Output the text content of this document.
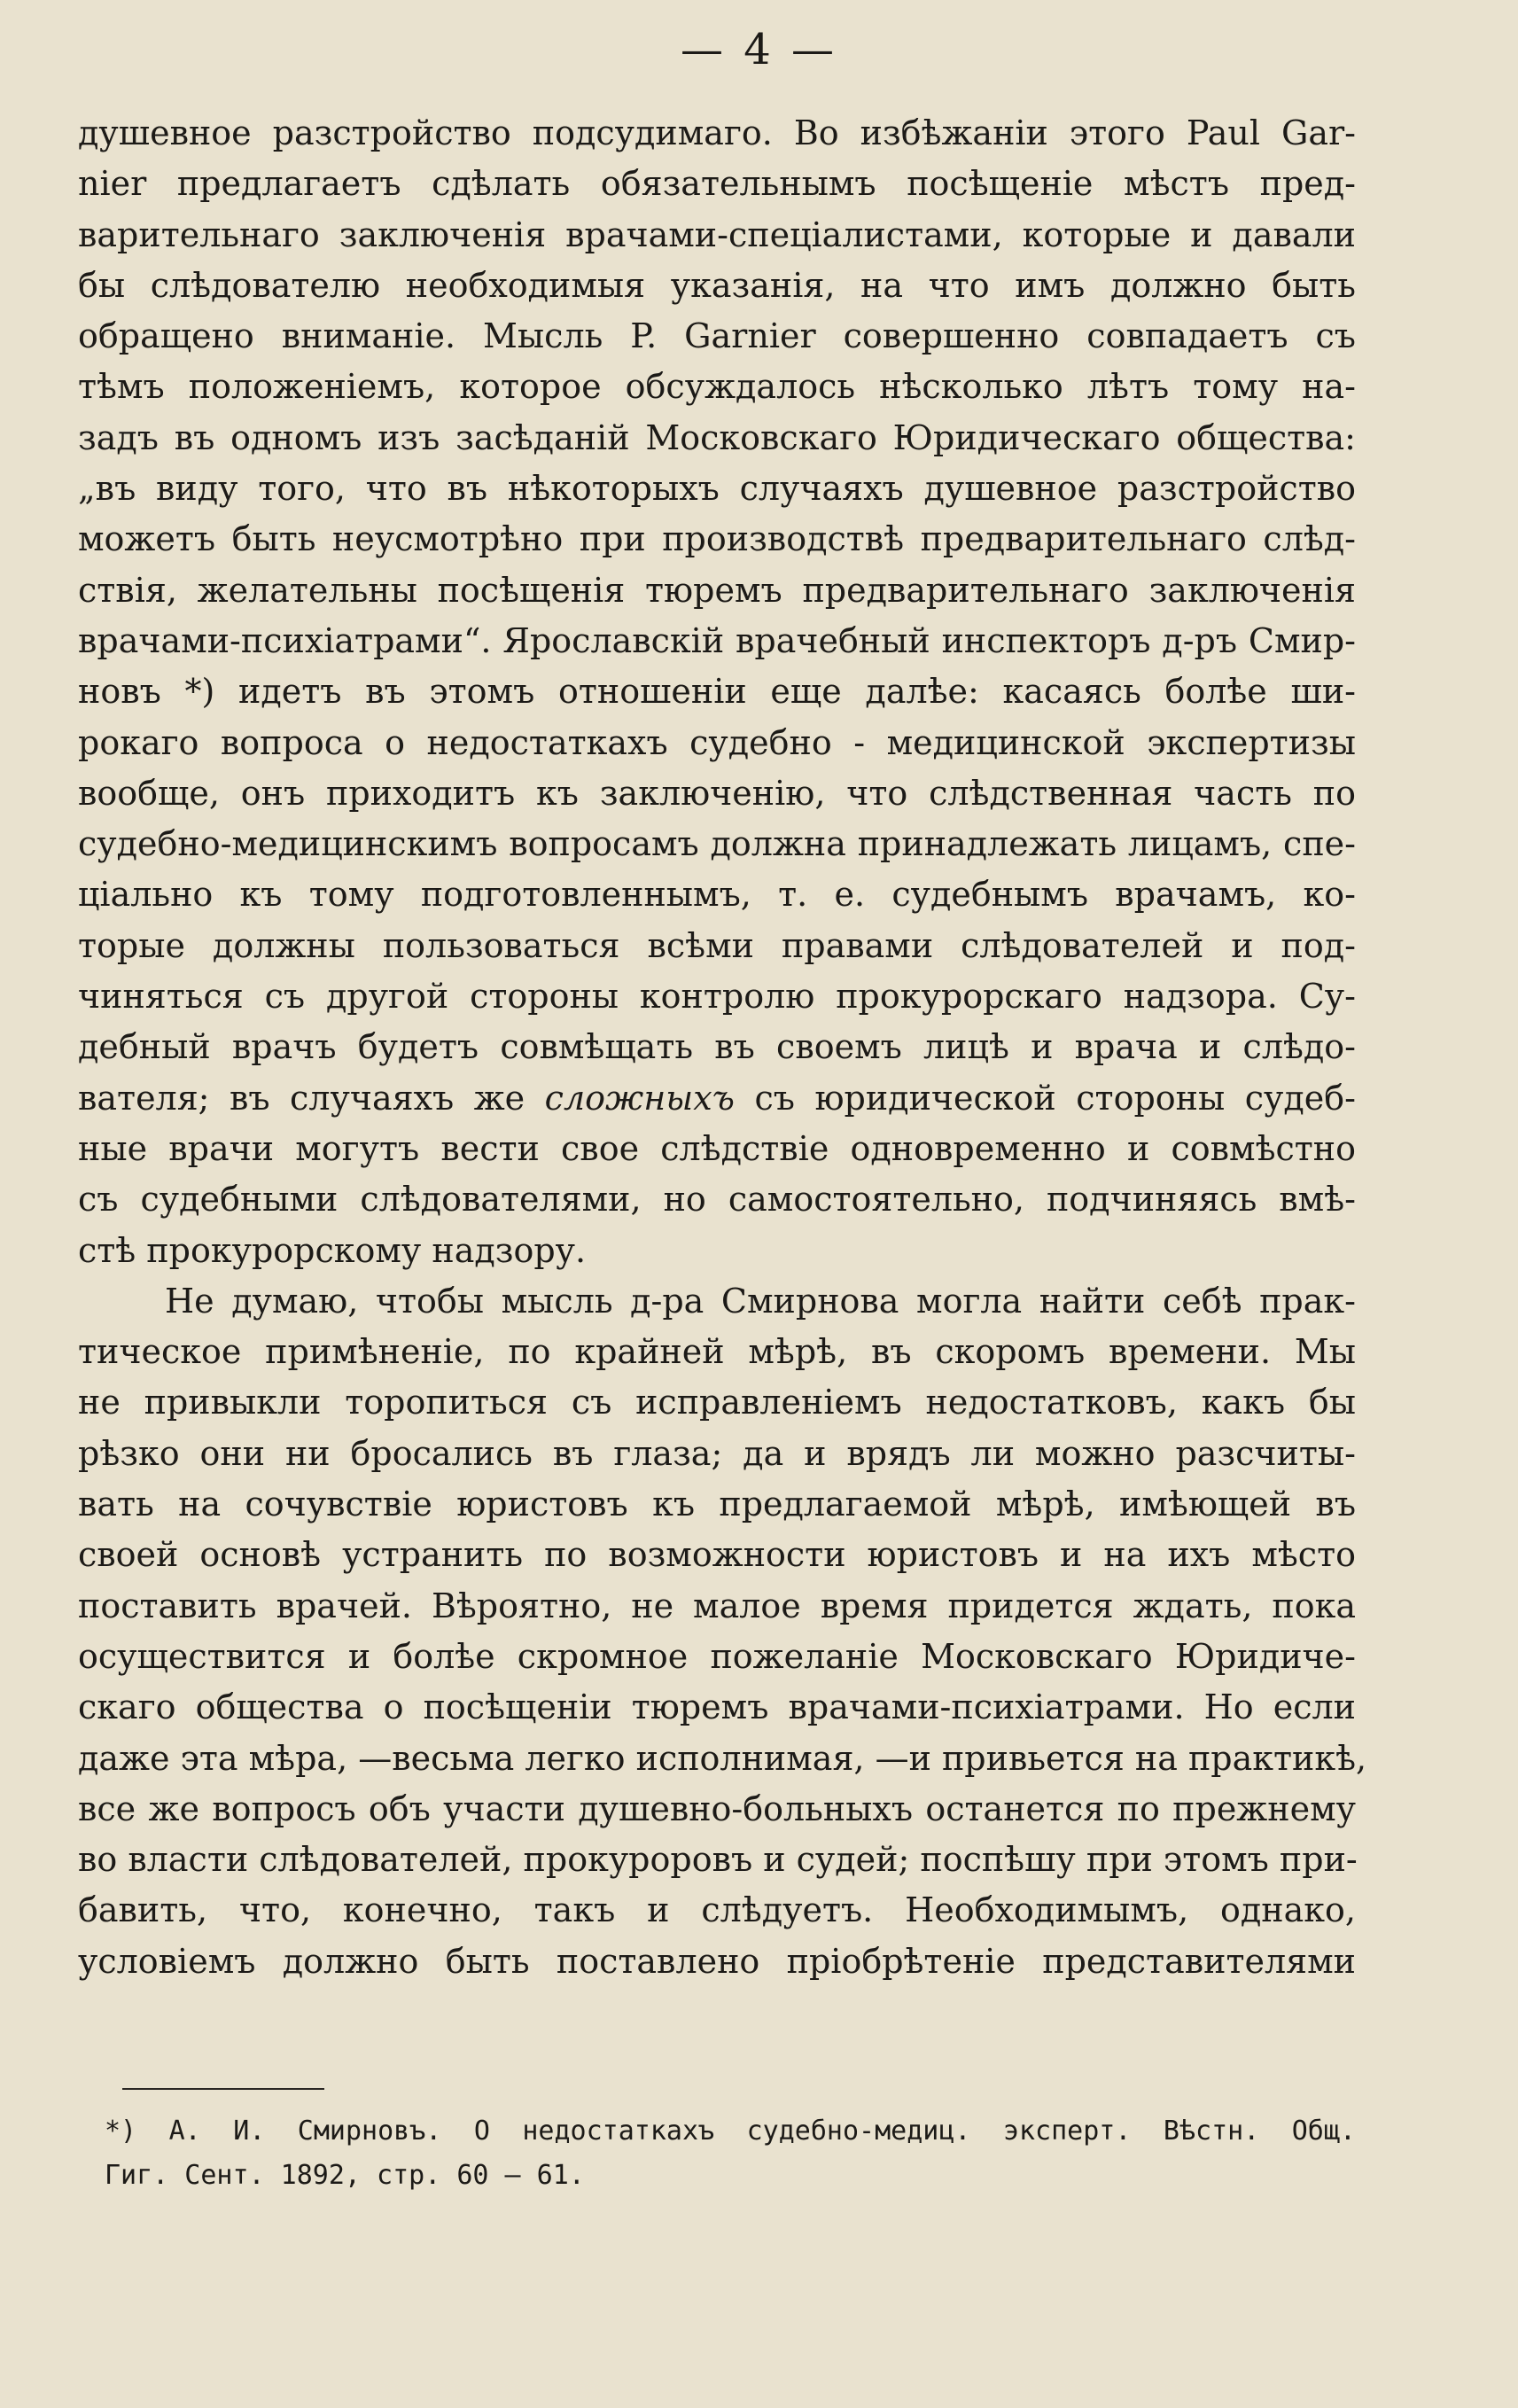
— 4 —
душевное разстройство подсудимаго. Во избѣжаніи этого Paul Gar-
nier предлагаетъ сдѣлать обязательнымъ посѣщеніе мѣстъ пред-
варительнаго заключенія врачами-спеціалистами, которые и давали
бы слѣдователю необходимыя указанія, на что имъ должно быть
обращено вниманіе. Мысль P. Garnier совершенно совпадаетъ съ
тѣмъ положеніемъ, которое обсуждалось нѣсколько лѣтъ тому на-
задъ въ одномъ изъ засѣданій Московскаго Юридическаго общества:
„въ виду того, что въ нѣкоторыхъ случаяхъ душевное разстройство
можетъ быть неусмотрѣно при производствѣ предварительнаго слѣд-
ствія, желательны посѣщенія тюремъ предварительнаго заключенія
врачами-психіатрами“. Ярославскій врачебный инспекторъ д-ръ Смир-
новъ *) идетъ въ этомъ отношеніи еще далѣе: касаясь болѣе ши-
рокаго вопроса о недостаткахъ судебно - медицинской экспертизы
вообще, онъ приходитъ къ заключенію, что слѣдственная часть по
судебно-медицинскимъ вопросамъ должна принадлежать лицамъ, спе-
ціально къ тому подготовленнымъ, т. е. судебнымъ врачамъ, ко-
торые должны пользоваться всѣми правами слѣдователей и под-
чиняться съ другой стороны контролю прокурорскаго надзора. Су-
дебный врачъ будетъ совмѣщать въ своемъ лицѣ и врача и слѣдо-
вателя; въ случаяхъ же сложныхъ съ юридической стороны судеб-
ные врачи могутъ вести свое слѣдствіе одновременно и совмѣстно
съ судебными слѣдователями, но самостоятельно, подчиняясь вмѣ-
стѣ прокурорскому надзору.
Не думаю, чтобы мысль д-ра Смирнова могла найти себѣ прак-
тическое примѣненіе, по крайней мѣрѣ, въ скоромъ времени. Мы
не привыкли торопиться съ исправленіемъ недостатковъ, какъ бы
рѣзко они ни бросались въ глаза; да и врядъ ли можно разсчиты-
вать на сочувствіе юристовъ къ предлагаемой мѣрѣ, имѣющей въ
своей основѣ устранить по возможности юристовъ и на ихъ мѣсто
поставить врачей. Вѣроятно, не малое время придется ждать, пока
осуществится и болѣе скромное пожеланіе Московскаго Юридиче-
скаго общества о посѣщеніи тюремъ врачами-психіатрами. Но если
даже эта мѣра, —весьма легко исполнимая, —и привьется на практикѣ,
все же вопросъ объ участи душевно-больныхъ останется по прежнему
во власти слѣдователей, прокуроровъ и судей; поспѣшу при этомъ при-
бавить, что, конечно, такъ и слѣдуетъ. Необходимымъ, однако,
условіемъ должно быть поставлено пріобрѣтеніе представителями
*) А. И. Смирновъ. О недостаткахъ судебно-медиц. эксперт. Вѣстн. Общ.
Гиг. Сент. 1892, стр. 60 — 61.
